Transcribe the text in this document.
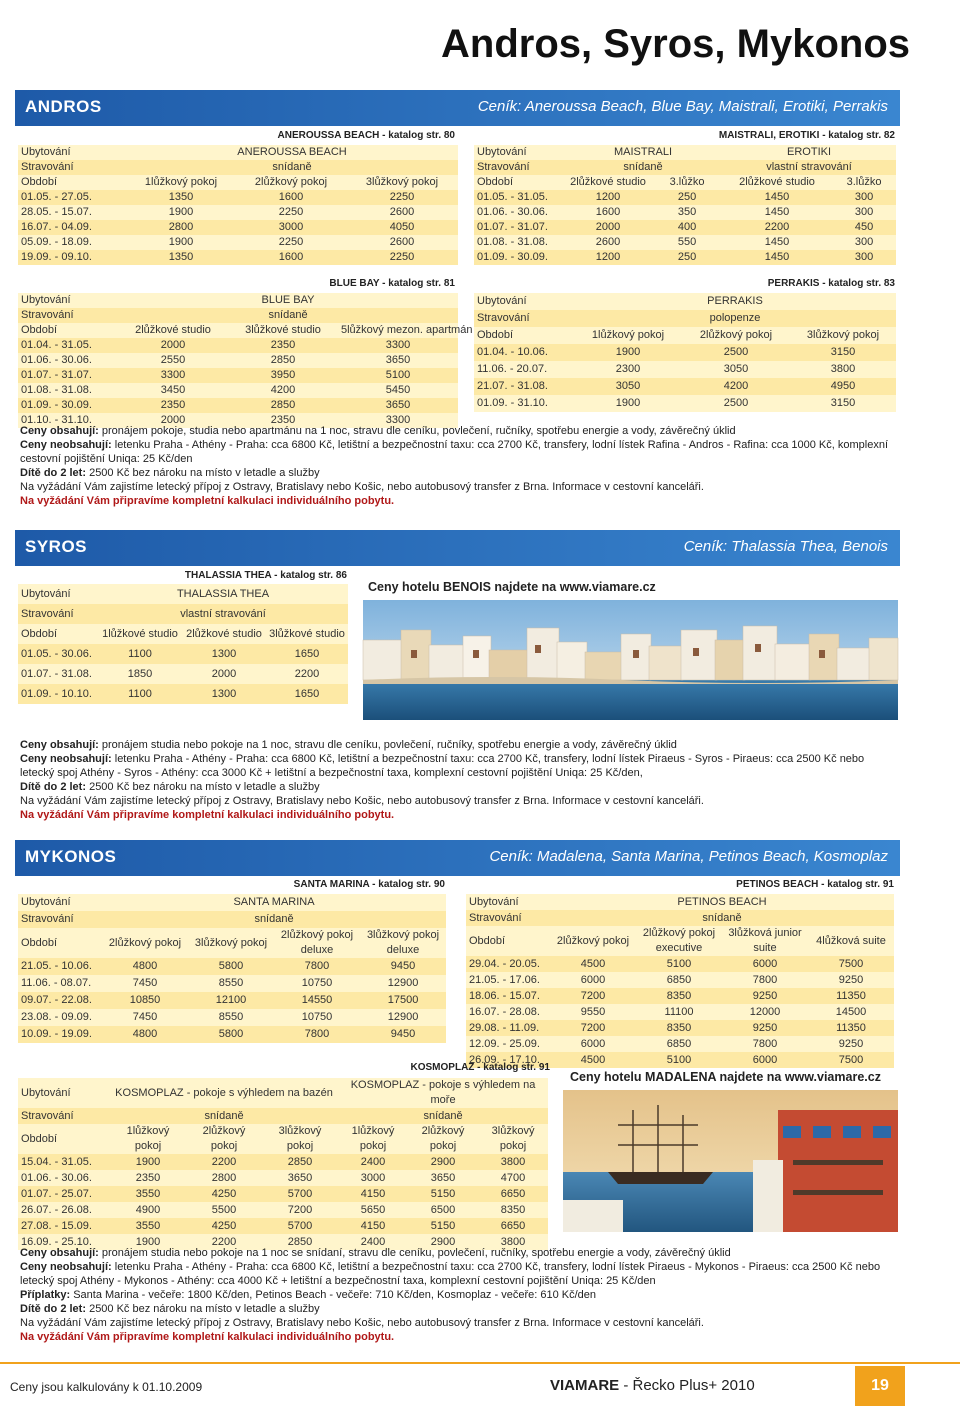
Andros, Syros, Mykonos
ANDROS	Ceník: Aneroussa Beach, Blue Bay, Maistrali, Erotiki, Perrakis
ANEROUSSA BEACH - katalog str. 80
Ubytování	ANEROUSSA BEACH		
Stravování	snídaně		
Období	1lůžkový pokoj	2lůžkový pokoj	3lůžkový pokoj
01.05. - 27.05.	1350	1600	2250
28.05. - 15.07.	1900	2250	2600
16.07. - 04.09.	2800	3000	4050
05.09. - 18.09.	1900	2250	2600
19.09. - 09.10.	1350	1600	2250
BLUE BAY - katalog str. 81
Ubytování	BLUE BAY		
Stravování	snídaně		
Období	2lůžkové studio	3lůžkové studio	5lůžkový mezon. apartmán
01.04. - 31.05.	2000	2350	3300
01.06. - 30.06.	2550	2850	3650
01.07. - 31.07.	3300	3950	5100
01.08. - 31.08.	3450	4200	5450
01.09. - 30.09.	2350	2850	3650
01.10. - 31.10.	2000	2350	3300
MAISTRALI, EROTIKI - katalog str. 82
Ubytování	MAISTRALI		EROTIKI	
Stravování	snídaně		vlastní stravování	
Období	2lůžkové studio	3.lůžko	2lůžkové studio	3.lůžko
01.05. - 31.05.	1200	250	1450	300
01.06. - 30.06.	1600	350	1450	300
01.07. - 31.07.	2000	400	2200	450
01.08. - 31.08.	2600	550	1450	300
01.09. - 30.09.	1200	250	1450	300
PERRAKIS - katalog str. 83
Ubytování	PERRAKIS		
Stravování	polopenze		
Období	1lůžkový pokoj	2lůžkový pokoj	3lůžkový pokoj
01.04. - 10.06.	1900	2500	3150
11.06. - 20.07.	2300	3050	3800
21.07. - 31.08.	3050	4200	4950
01.09. - 31.10.	1900	2500	3150
Ceny obsahují: pronájem pokoje, studia nebo apartmánu na 1 noc, stravu dle ceníku, povlečení, ručníky, spotřebu energie a vody, závěrečný úklid
Ceny neobsahují: letenku Praha - Athény - Praha: cca 6800 Kč, letištní a bezpečnostní taxu: cca 2700 Kč, transfery, lodní lístek Rafina - Andros - Rafina: cca 1000 Kč, komplexní cestovní pojištění Uniqa: 25 Kč/den
Dítě do 2 let: 2500 Kč bez nároku na místo v letadle a služby
Na vyžádání Vám zajistíme letecký přípoj z Ostravy, Bratislavy nebo Košic, nebo autobusový transfer z Brna. Informace v cestovní kanceláři.
Na vyžádání Vám připravíme kompletní kalkulaci individuálního pobytu.
SYROS	Ceník: Thalassia Thea, Benois
THALASSIA THEA - katalog str. 86
Ubytování	THALASSIA THEA		
Stravování	vlastní stravování		
Období	1lůžkové studio	2lůžkové studio	3lůžkové studio
01.05. - 30.06.	1100	1300	1650
01.07. - 31.08.	1850	2000	2200
01.09. - 10.10.	1100	1300	1650
Ceny hotelu BENOIS najdete na www.viamare.cz
Ceny obsahují: pronájem studia nebo pokoje na 1 noc, stravu dle ceníku, povlečení, ručníky, spotřebu energie a vody, závěrečný úklid
Ceny neobsahují: letenku Praha - Athény - Praha: cca 6800 Kč, letištní a bezpečnostní taxu: cca 2700 Kč, transfery, lodní lístek Piraeus - Syros - Piraeus: cca 2500 Kč nebo letecký spoj Athény - Syros - Athény: cca 3000 Kč + letištní a bezpečnostní taxa, komplexní cestovní pojištění Uniqa: 25 Kč/den,
Dítě do 2 let: 2500 Kč bez nároku na místo v letadle a služby
Na vyžádání Vám zajistíme letecký přípoj z Ostravy, Bratislavy nebo Košic, nebo autobusový transfer z Brna. Informace v cestovní kanceláři.
Na vyžádání Vám připravíme kompletní kalkulaci individuálního pobytu.
MYKONOS	Ceník: Madalena, Santa Marina, Petinos Beach, Kosmoplaz
SANTA MARINA - katalog str. 90
Ubytování	SANTA MARINA			
Stravování	snídaně			
Období	2lůžkový pokoj	3lůžkový pokoj	2lůžkový pokoj deluxe	3lůžkový pokoj deluxe
21.05. - 10.06.	4800	5800	7800	9450
11.06. - 08.07.	7450	8550	10750	12900
09.07. - 22.08.	10850	12100	14550	17500
23.08. - 09.09.	7450	8550	10750	12900
10.09. - 19.09.	4800	5800	7800	9450
PETINOS BEACH - katalog str. 91
Ubytování	PETINOS BEACH			
Stravování	snídaně			
Období	2lůžkový pokoj	2lůžkový pokoj executive	3lůžková junior suite	4lůžková suite
29.04. - 20.05.	4500	5100	6000	7500
21.05. - 17.06.	6000	6850	7800	9250
18.06. - 15.07.	7200	8350	9250	11350
16.07. - 28.08.	9550	11100	12000	14500
29.08. - 11.09.	7200	8350	9250	11350
12.09. - 25.09.	6000	6850	7800	9250
26.09. - 17.10.	4500	5100	6000	7500
KOSMOPLAZ - katalog str. 91
Ubytování	KOSMOPLAZ - pokoje s výhledem na bazén			KOSMOPLAZ - pokoje s výhledem na moře		
Stravování	snídaně			snídaně		
Období	1lůžkový pokoj	2lůžkový pokoj	3lůžkový pokoj	1lůžkový pokoj	2lůžkový pokoj	3lůžkový pokoj
15.04. - 31.05.	1900	2200	2850	2400	2900	3800
01.06. - 30.06.	2350	2800	3650	3000	3650	4700
01.07. - 25.07.	3550	4250	5700	4150	5150	6650
26.07. - 26.08.	4900	5500	7200	5650	6500	8350
27.08. - 15.09.	3550	4250	5700	4150	5150	6650
16.09. - 25.10.	1900	2200	2850	2400	2900	3800
Ceny hotelu MADALENA najdete na www.viamare.cz
Ceny obsahují: pronájem studia nebo pokoje na 1 noc se snídaní, stravu dle ceníku, povlečení, ručníky, spotřebu energie a vody, závěrečný úklid
Ceny neobsahují: letenku Praha - Athény - Praha: cca 6800 Kč, letištní a bezpečnostní taxu: cca 2700 Kč, transfery, lodní lístek Piraeus - Mykonos - Piraeus: cca 2500 Kč nebo letecký spoj Athény - Mykonos - Athény: cca 4000 Kč + letištní a bezpečnostní taxa, komplexní cestovní pojištění Uniqa: 25 Kč/den
Příplatky: Santa Marina - večeře: 1800 Kč/den, Petinos Beach - večeře: 710 Kč/den, Kosmoplaz - večeře: 610 Kč/den
Dítě do 2 let: 2500 Kč bez nároku na místo v letadle a služby
Na vyžádání Vám zajistíme letecký přípoj z Ostravy, Bratislavy nebo Košic, nebo autobusový transfer z Brna. Informace v cestovní kanceláři.
Na vyžádání Vám připravíme kompletní kalkulaci individuálního pobytu.
Ceny jsou kalkulovány k 01.10.2009	VIAMARE - Řecko Plus+ 2010	19
